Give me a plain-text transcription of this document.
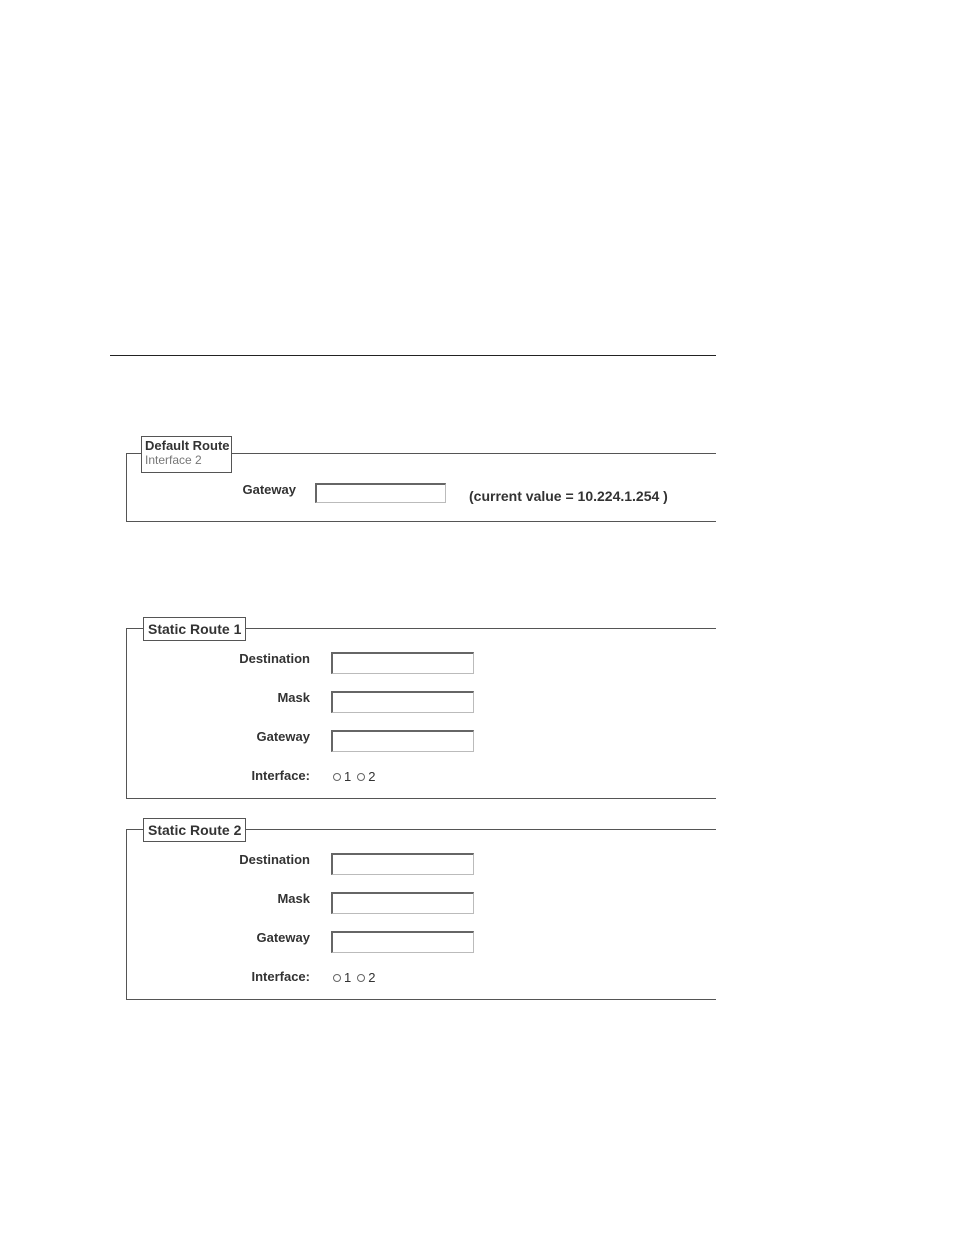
Default Route
Interface 2
Gateway	(current value = 10.224.1.254 )
Static Route 1
Destination
Mask
Gateway
Interface:	1 2
Static Route 2
Destination
Mask
Gateway
Interface:	1 2
